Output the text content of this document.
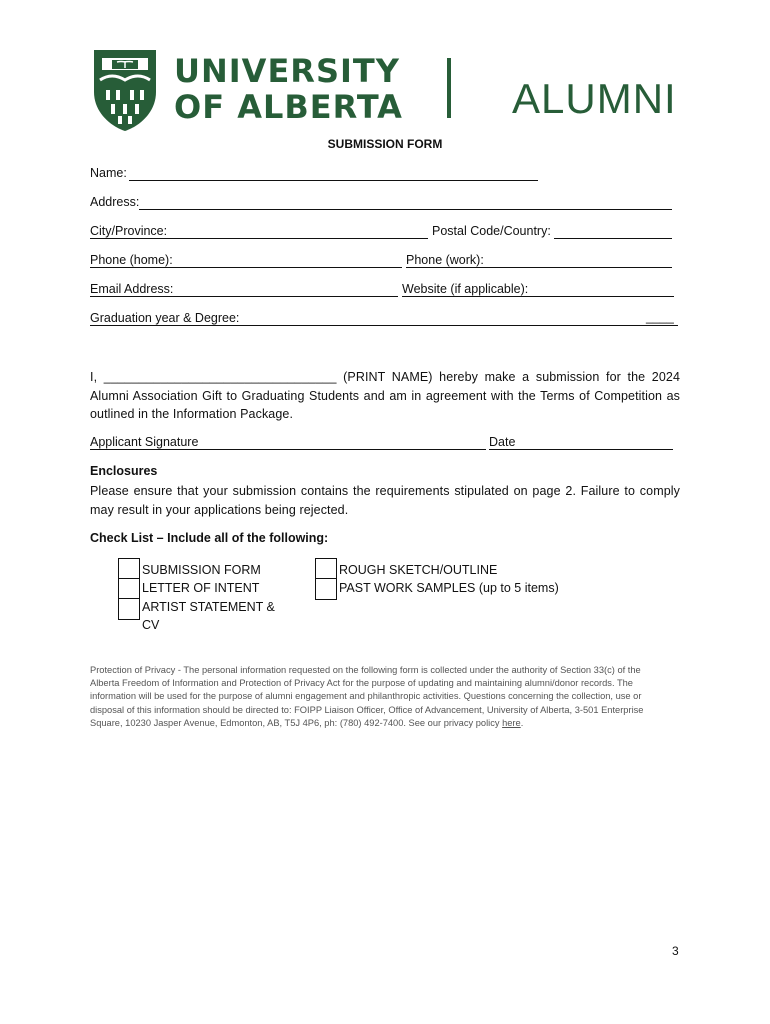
UNIVERSITY
OF ALBERTA	ALUMNI
SUBMISSION FORM
Name:
Address:
City/Province:	Postal Code/Country:
Phone (home):	Phone (work):
Email Address:	Website (if applicable):
Graduation year & Degree:	____
I, _________________________________ (PRINT NAME) hereby make a submission for the 2024 Alumni Association Gift to Graduating Students and am in agreement with the Terms of Competition as outlined in the Information Package.
Applicant Signature	Date
Enclosures
Please ensure that your submission contains the requirements stipulated on page 2. Failure to comply may result in your applications being rejected.
Check List – Include all of the following:
SUBMISSION FORM
LETTER OF INTENT
ARTIST STATEMENT &
CV
ROUGH SKETCH/OUTLINE
PAST WORK SAMPLES (up to 5 items)
Protection of Privacy - The personal information requested on the following form is collected under the authority of Section 33(c) of the Alberta Freedom of Information and Protection of Privacy Act for the purpose of updating and maintaining alumni/donor records. The information will be used for the purpose of alumni engagement and philanthropic activities. Questions concerning the collection, use or disposal of this information should be directed to: FOIPP Liaison Officer, Office of Advancement, University of Alberta, 3-501 Enterprise Square, 10230 Jasper Avenue, Edmonton, AB, T5J 4P6, ph: (780) 492-7400. See our privacy policy here.
3
